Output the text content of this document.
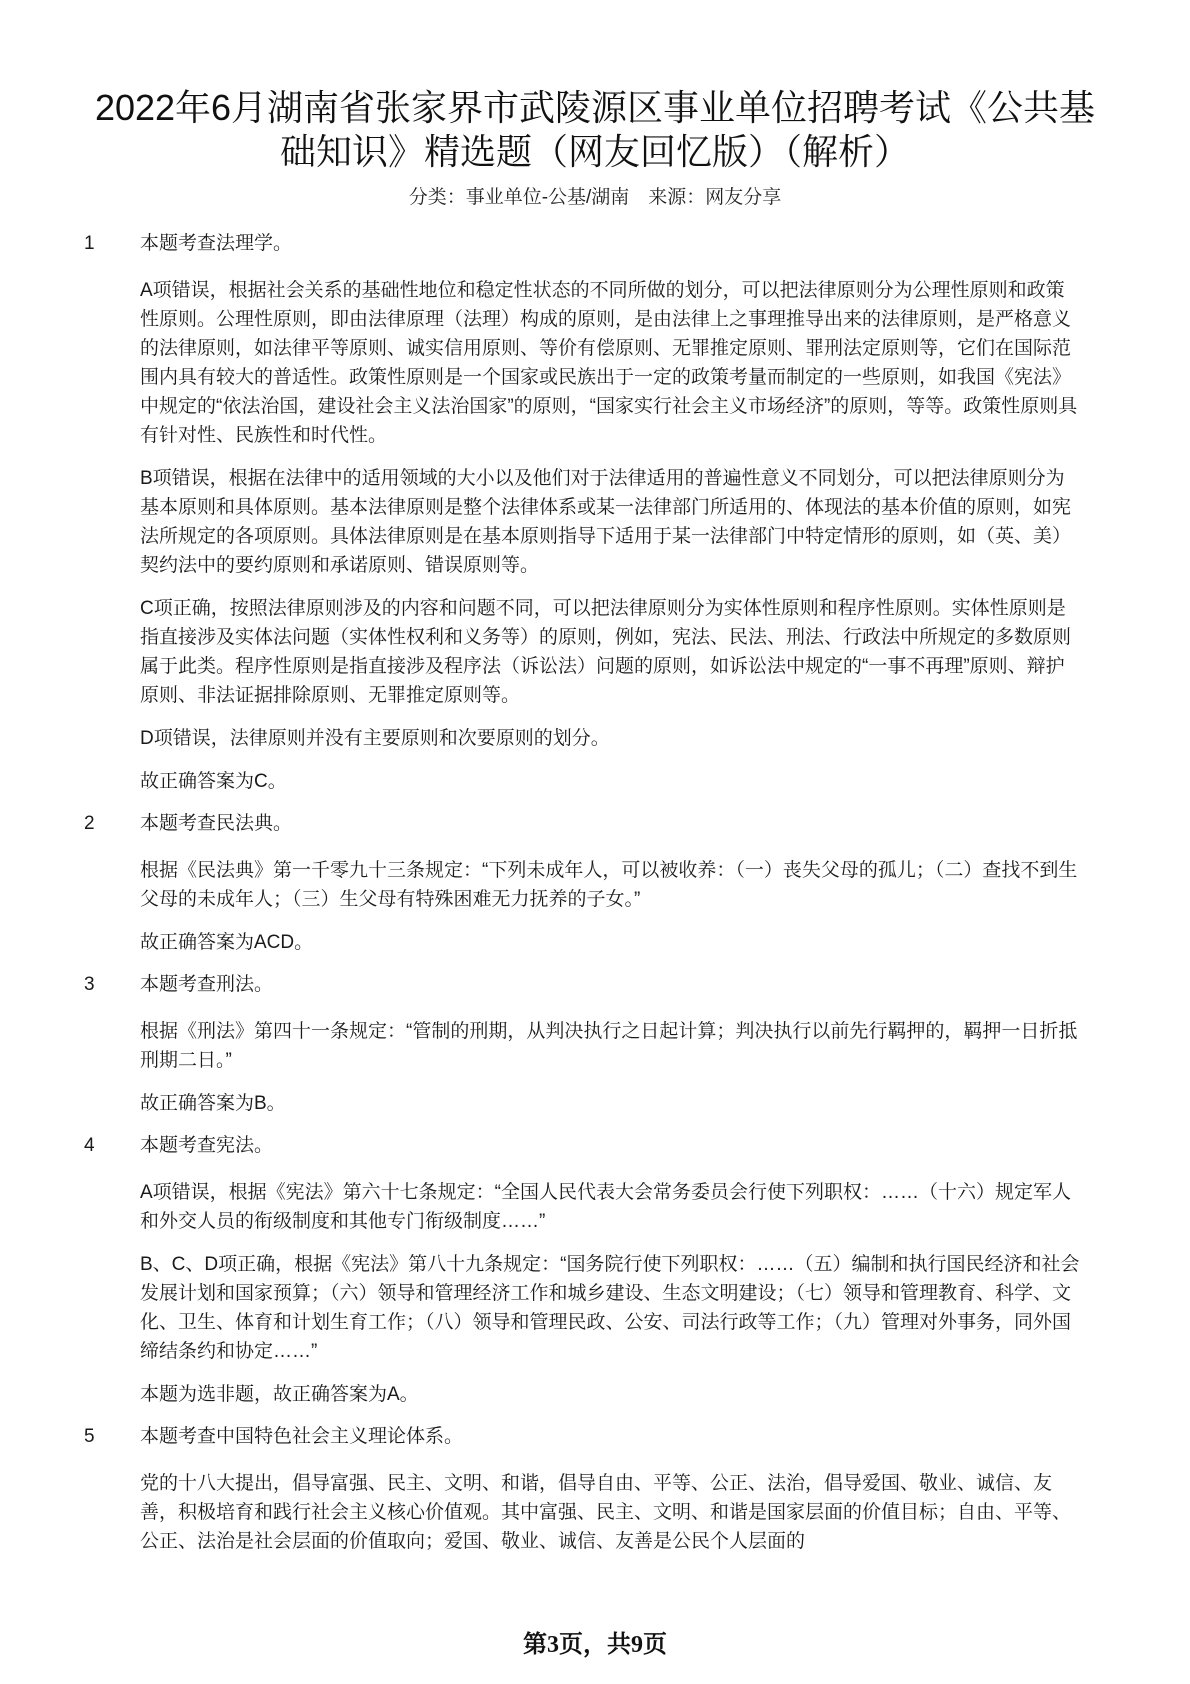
2022年6月湖南省张家界市武陵源区事业单位招聘考试《公共基础知识》精选题（网友回忆版）（解析）
分类：事业单位-公基/湖南　来源：网友分享
1	本题考查法理学。
A项错误，根据社会关系的基础性地位和稳定性状态的不同所做的划分，可以把法律原则分为公理性原则和政策性原则。公理性原则，即由法律原理（法理）构成的原则，是由法律上之事理推导出来的法律原则，是严格意义的法律原则，如法律平等原则、诚实信用原则、等价有偿原则、无罪推定原则、罪刑法定原则等，它们在国际范围内具有较大的普适性。政策性原则是一个国家或民族出于一定的政策考量而制定的一些原则，如我国《宪法》中规定的“依法治国，建设社会主义法治国家”的原则，“国家实行社会主义市场经济”的原则，等等。政策性原则具有针对性、民族性和时代性。
B项错误，根据在法律中的适用领域的大小以及他们对于法律适用的普遍性意义不同划分，可以把法律原则分为基本原则和具体原则。基本法律原则是整个法律体系或某一法律部门所适用的、体现法的基本价值的原则，如宪法所规定的各项原则。具体法律原则是在基本原则指导下适用于某一法律部门中特定情形的原则，如（英、美）契约法中的要约原则和承诺原则、错误原则等。
C项正确，按照法律原则涉及的内容和问题不同，可以把法律原则分为实体性原则和程序性原则。实体性原则是指直接涉及实体法问题（实体性权利和义务等）的原则，例如，宪法、民法、刑法、行政法中所规定的多数原则属于此类。程序性原则是指直接涉及程序法（诉讼法）问题的原则，如诉讼法中规定的“一事不再理”原则、辩护原则、非法证据排除原则、无罪推定原则等。
D项错误，法律原则并没有主要原则和次要原则的划分。
故正确答案为C。
2	本题考查民法典。
根据《民法典》第一千零九十三条规定：“下列未成年人，可以被收养：（一）丧失父母的孤儿；（二）查找不到生父母的未成年人；（三）生父母有特殊困难无力抚养的子女。”
故正确答案为ACD。
3	本题考查刑法。
根据《刑法》第四十一条规定：“管制的刑期，从判决执行之日起计算；判决执行以前先行羁押的，羁押一日折抵刑期二日。”
故正确答案为B。
4	本题考查宪法。
A项错误，根据《宪法》第六十七条规定：“全国人民代表大会常务委员会行使下列职权：……（十六）规定军人和外交人员的衔级制度和其他专门衔级制度……”
B、C、D项正确，根据《宪法》第八十九条规定：“国务院行使下列职权：……（五）编制和执行国民经济和社会发展计划和国家预算；（六）领导和管理经济工作和城乡建设、生态文明建设；（七）领导和管理教育、科学、文化、卫生、体育和计划生育工作；（八）领导和管理民政、公安、司法行政等工作；（九）管理对外事务，同外国缔结条约和协定……”
本题为选非题，故正确答案为A。
5	本题考查中国特色社会主义理论体系。
党的十八大提出，倡导富强、民主、文明、和谐，倡导自由、平等、公正、法治，倡导爱国、敬业、诚信、友善，积极培育和践行社会主义核心价值观。其中富强、民主、文明、和谐是国家层面的价值目标；自由、平等、公正、法治是社会层面的价值取向；爱国、敬业、诚信、友善是公民个人层面的
第3页，共9页
